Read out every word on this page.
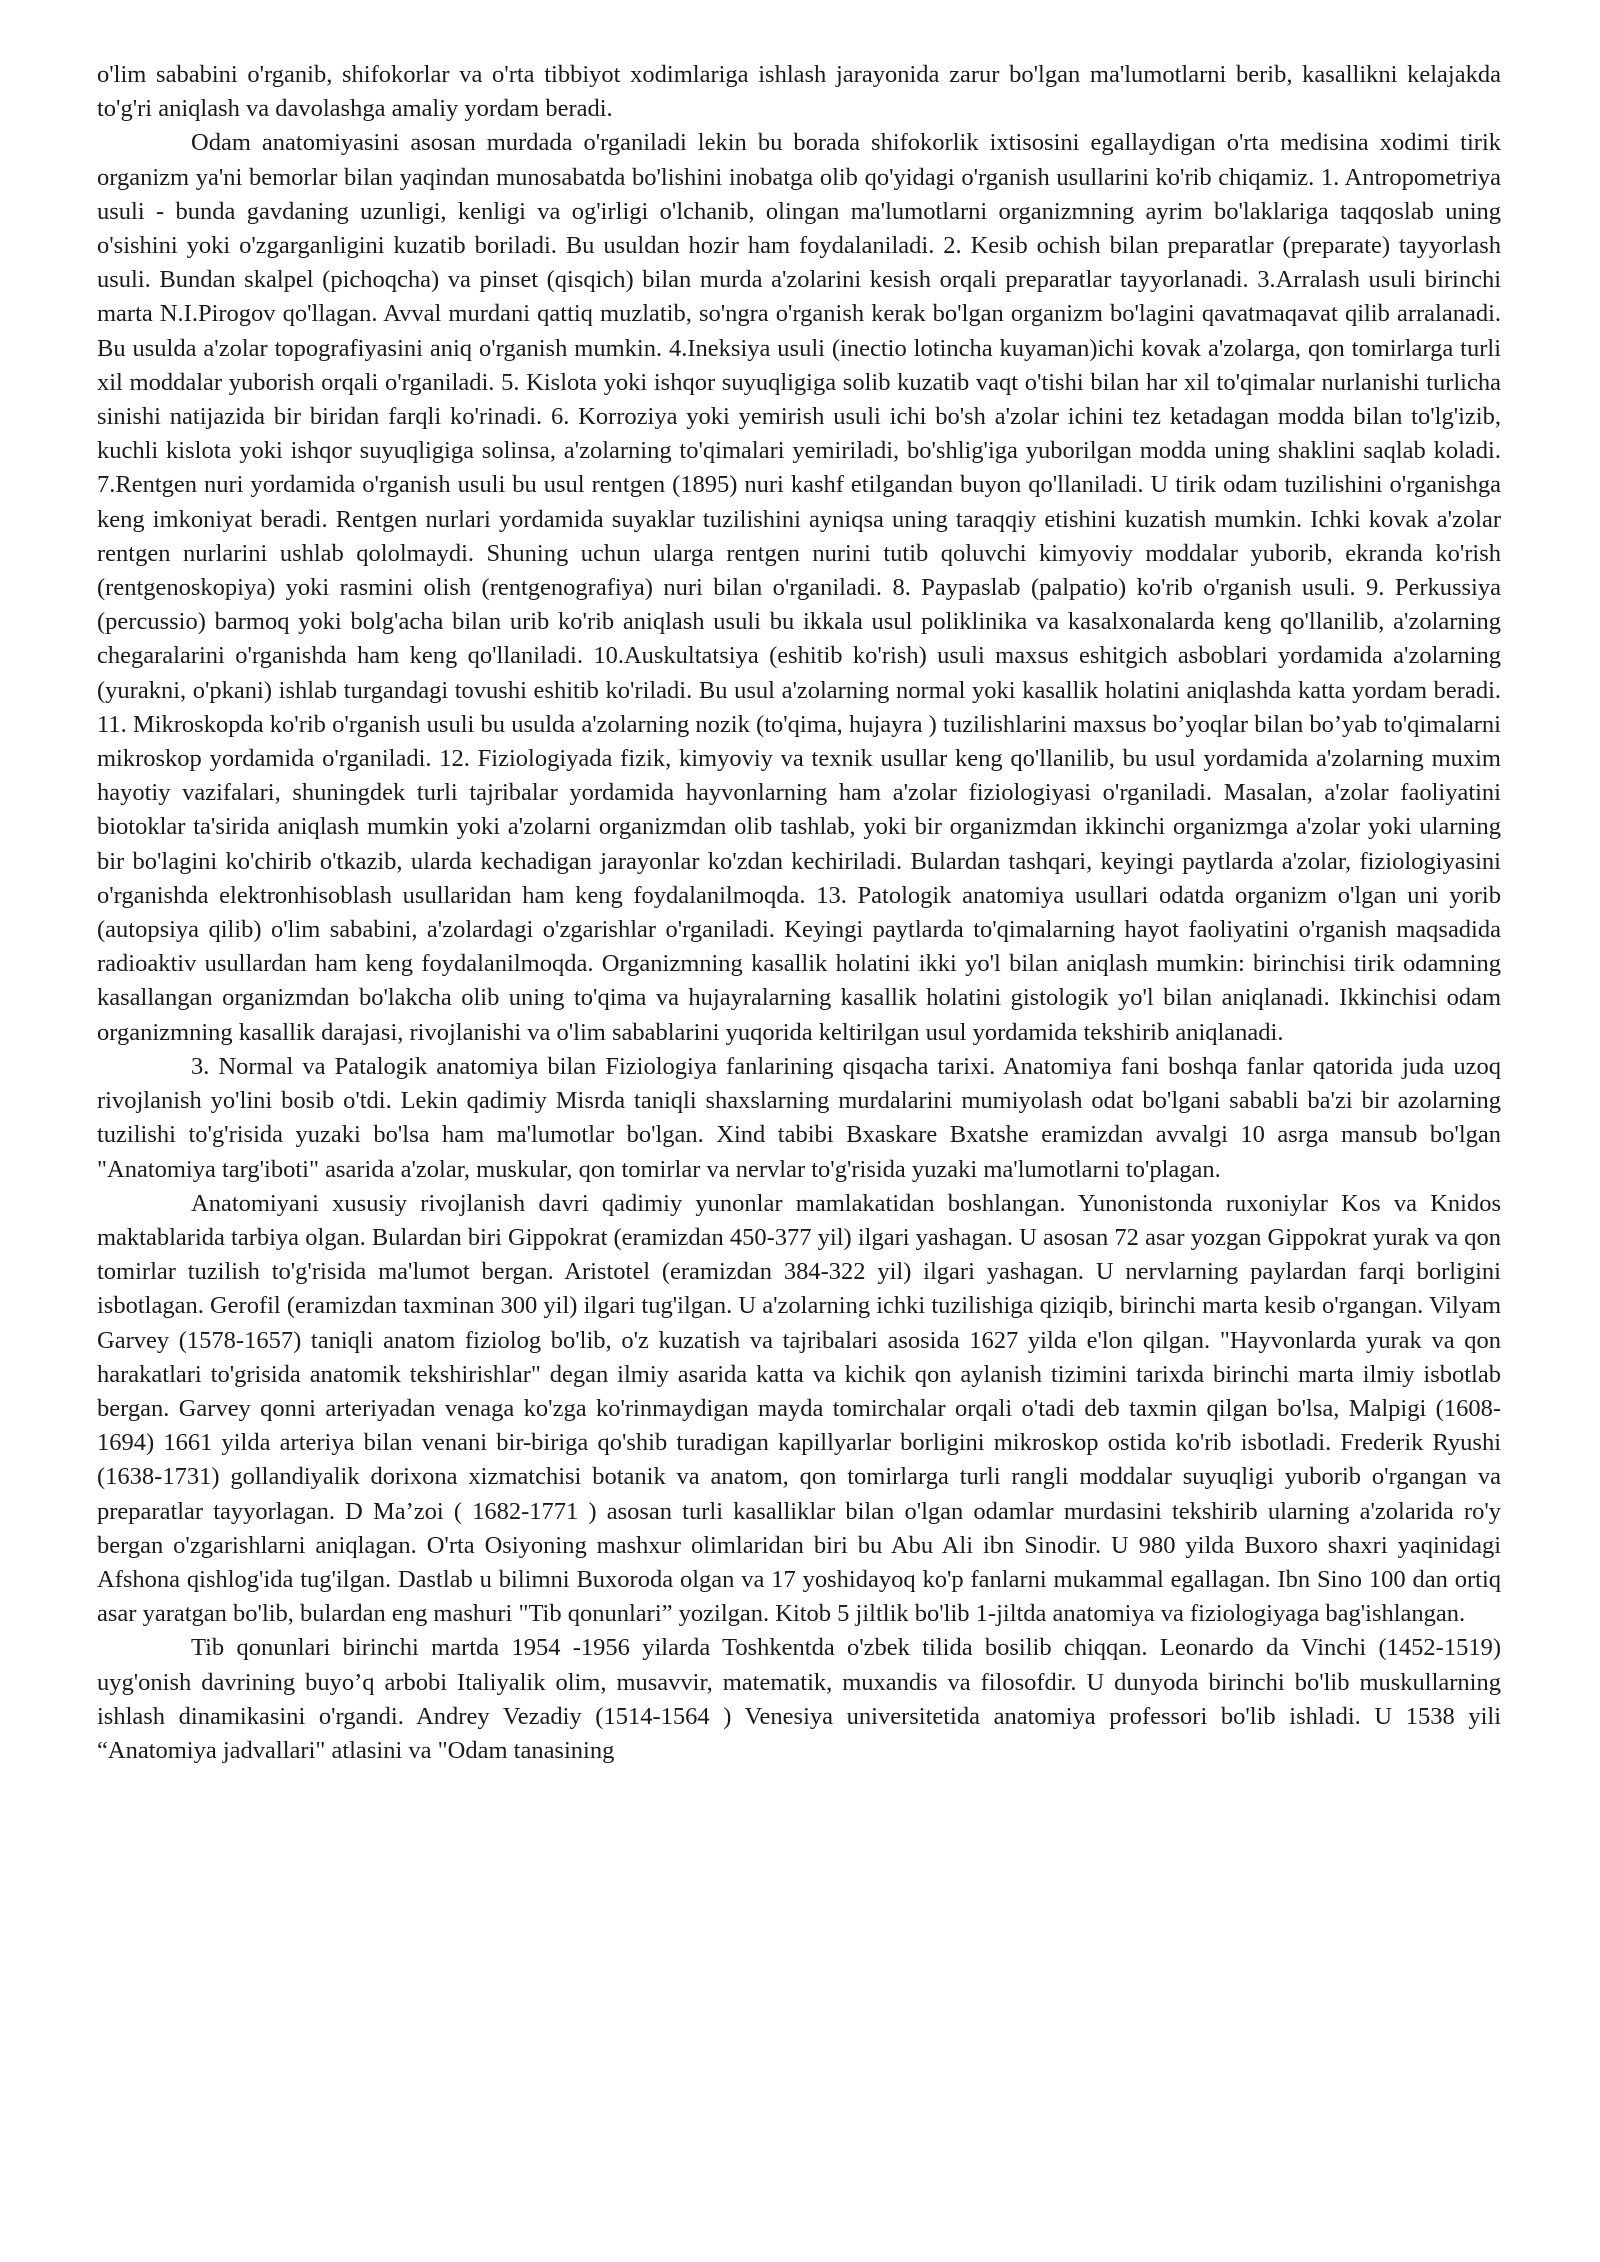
o'lim sababini o'rganib, shifokorlar va o'rta tibbiyot xodimlariga ishlash jarayonida zarur bo'lgan ma'lumotlarni berib, kasallikni kelajakda to'g'ri aniqlash va davolashga amaliy yordam beradi.

Odam anatomiyasini asosan murdada o'rganiladi lekin bu borada shifokorlik ixtisosini egallaydigan o'rta medisina xodimi tirik organizm ya'ni bemorlar bilan yaqindan munosabatda bo'lishini inobatga olib qo'yidagi o'rganish usullarini ko'rib chiqamiz. 1. Antropometriya usuli - bunda gavdaning uzunligi, kenligi va og'irligi o'lchanib, olingan ma'lumotlarni organizmning ayrim bo'laklariga taqqoslab uning o'sishini yoki o'zgarganligini kuzatib boriladi. Bu usuldan hozir ham foydalaniladi. 2. Kesib ochish bilan preparatlar (preparate) tayyorlash usuli. Bundan skalpel (pichoqcha) va pinset (qisqich) bilan murda a'zolarini kesish orqali preparatlar tayyorlanadi. 3.Arralash usuli birinchi marta N.I.Pirogov qo'llagan. Avval murdani qattiq muzlatib, so'ngra o'rganish kerak bo'lgan organizm bo'lagini qavatmaqavat qilib arralanadi. Bu usulda a'zolar topografiyasini aniq o'rganish mumkin. 4.Ineksiya usuli (inectio lotincha kuyaman)ichi kovak a'zolarga, qon tomirlarga turli xil moddalar yuborish orqali o'rganiladi. 5. Kislota yoki ishqor suyuqligiga solib kuzatib vaqt o'tishi bilan har xil to'qimalar nurlanishi turlicha sinishi natijazida bir biridan farqli ko'rinadi. 6. Korroziya yoki yemirish usuli ichi bo'sh a'zolar ichini tez ketadagan modda bilan to'lg'izib, kuchli kislota yoki ishqor suyuqligiga solinsa, a'zolarning to'qimalari yemiriladi, bo'shlig'iga yuborilgan modda uning shaklini saqlab koladi. 7.Rentgen nuri yordamida o'rganish usuli bu usul rentgen (1895) nuri kashf etilgandan buyon qo'llaniladi. U tirik odam tuzilishini o'rganishga keng imkoniyat beradi. Rentgen nurlari yordamida suyaklar tuzilishini ayniqsa uning taraqqiy etishini kuzatish mumkin. Ichki kovak a'zolar rentgen nurlarini ushlab qololmaydi. Shuning uchun ularga rentgen nurini tutib qoluvchi kimyoviy moddalar yuborib, ekranda ko'rish (rentgenoskopiya) yoki rasmini olish (rentgenografiya) nuri bilan o'rganiladi. 8. Paypaslab (palpatio) ko'rib o'rganish usuli. 9. Perkussiya (percussio) barmoq yoki bolg'acha bilan urib ko'rib aniqlash usuli bu ikkala usul poliklinika va kasalxonalarda keng qo'llanilib, a'zolarning chegaralarini o'rganishda ham keng qo'llaniladi. 10.Auskultatsiya (eshitib ko'rish) usuli maxsus eshitgich asboblari yordamida a'zolarning (yurakni, o'pkani) ishlab turgandagi tovushi eshitib ko'riladi. Bu usul a'zolarning normal yoki kasallik holatini aniqlashda katta yordam beradi. 11. Mikroskopda ko'rib o'rganish usuli bu usulda a'zolarning nozik (to'qima, hujayra ) tuzilishlarini maxsus bo’yoqlar bilan bo’yab to'qimalarni mikroskop yordamida o'rganiladi. 12. Fiziologiyada fizik, kimyoviy va texnik usullar keng qo'llanilib, bu usul yordamida a'zolarning muxim hayotiy vazifalari, shuningdek turli tajribalar yordamida hayvonlarning ham a'zolar fiziologiyasi o'rganiladi. Masalan, a'zolar faoliyatini biotoklar ta'sirida aniqlash mumkin yoki a'zolarni organizmdan olib tashlab, yoki bir organizmdan ikkinchi organizmga a'zolar yoki ularning bir bo'lagini ko'chirib o'tkazib, ularda kechadigan jarayonlar ko'zdan kechiriladi. Bulardan tashqari, keyingi paytlarda a'zolar, fiziologiyasini o'rganishda elektronhisoblash usullaridan ham keng foydalanilmoqda. 13. Patologik anatomiya usullari odatda organizm o'lgan uni yorib (autopsiya qilib) o'lim sababini, a'zolardagi o'zgarishlar o'rganiladi. Keyingi paytlarda to'qimalarning hayot faoliyatini o'rganish maqsadida radioaktiv usullardan ham keng foydalanilmoqda. Organizmning kasallik holatini ikki yo'l bilan aniqlash mumkin: birinchisi tirik odamning kasallangan organizmdan bo'lakcha olib uning to'qima va hujayralarning kasallik holatini gistologik yo'l bilan aniqlanadi. Ikkinchisi odam organizmning kasallik darajasi, rivojlanishi va o'lim sabablarini yuqorida keltirilgan usul yordamida tekshirib aniqlanadi.

3. Normal va Patalogik anatomiya bilan Fiziologiya fanlarining qisqacha tarixi. Anatomiya fani boshqa fanlar qatorida juda uzoq rivojlanish yo'lini bosib o'tdi. Lekin qadimiy Misrda taniqli shaxslarning murdalarini mumiyolash odat bo'lgani sababli ba'zi bir azolarning tuzilishi to'g'risida yuzaki bo'lsa ham ma'lumotlar bo'lgan. Xind tabibi Bxaskare Bxatshe eramizdan avvalgi 10 asrga mansub bo'lgan "Anatomiya targ'iboti" asarida a'zolar, muskular, qon tomirlar va nervlar to'g'risida yuzaki ma'lumotlarni to'plagan.

Anatomiyani xususiy rivojlanish davri qadimiy yunonlar mamlakatidan boshlangan. Yunonistonda ruxoniylar Kos va Knidos maktablarida tarbiya olgan. Bulardan biri Gippokrat (eramizdan 450-377 yil) ilgari yashagan. U asosan 72 asar yozgan Gippokrat yurak va qon tomirlar tuzilish to'g'risida ma'lumot bergan. Aristotel (eramizdan 384-322 yil) ilgari yashagan. U nervlarning paylardan farqi borligini isbotlagan. Gerofil (eramizdan taxminan 300 yil) ilgari tug'ilgan. U a'zolarning ichki tuzilishiga qiziqib, birinchi marta kesib o'rgangan. Vilyam Garvey (1578-1657) taniqli anatom fiziolog bo'lib, o'z kuzatish va tajribalari asosida 1627 yilda e'lon qilgan. "Hayvonlarda yurak va qon harakatlari to'grisida anatomik tekshirishlar" degan ilmiy asarida katta va kichik qon aylanish tizimini tarixda birinchi marta ilmiy isbotlab bergan. Garvey qonni arteriyadan venaga ko'zga ko'rinmaydigan mayda tomirchalar orqali o'tadi deb taxmin qilgan bo'lsa, Malpigi (1608-1694) 1661 yilda arteriya bilan venani bir-biriga qo'shib turadigan kapillyarlar borligini mikroskop ostida ko'rib isbotladi. Frederik Ryushi (1638-1731) gollandiyalik dorixona xizmatchisi botanik va anatom, qon tomirlarga turli rangli moddalar suyuqligi yuborib o'rgangan va preparatlar tayyorlagan. D Ma’zoi ( 1682-1771 ) asosan turli kasalliklar bilan o'lgan odamlar murdasini tekshirib ularning a'zolarida ro'y bergan o'zgarishlarni aniqlagan. O'rta Osiyoning mashxur olimlaridan biri bu Abu Ali ibn Sinodir. U 980 yilda Buxoro shaxri yaqinidagi Afshona qishlog'ida tug'ilgan. Dastlab u bilimni Buxoroda olgan va 17 yoshidayoq ko'p fanlarni mukammal egallagan. Ibn Sino 100 dan ortiq asar yaratgan bo'lib, bulardan eng mashuri "Tib qonunlari” yozilgan. Kitob 5 jiltlik bo'lib 1-jiltda anatomiya va fiziologiyaga bag'ishlangan.

Tib qonunlari birinchi martda 1954 -1956 yilarda Toshkentda o'zbek tilida bosilib chiqqan. Leonardo da Vinchi (1452-1519) uyg'onish davrining buyo’q arbobi Italiyalik olim, musavvir, matematik, muxandis va filosofdir. U dunyoda birinchi bo'lib muskullarning ishlash dinamikasini o'rgandi. Andrey Vezadiy (1514-1564 ) Venesiya universitetida anatomiya professori bo'lib ishladi. U 1538 yili “Anatomiya jadvallari" atlasini va "Odam tanasining
